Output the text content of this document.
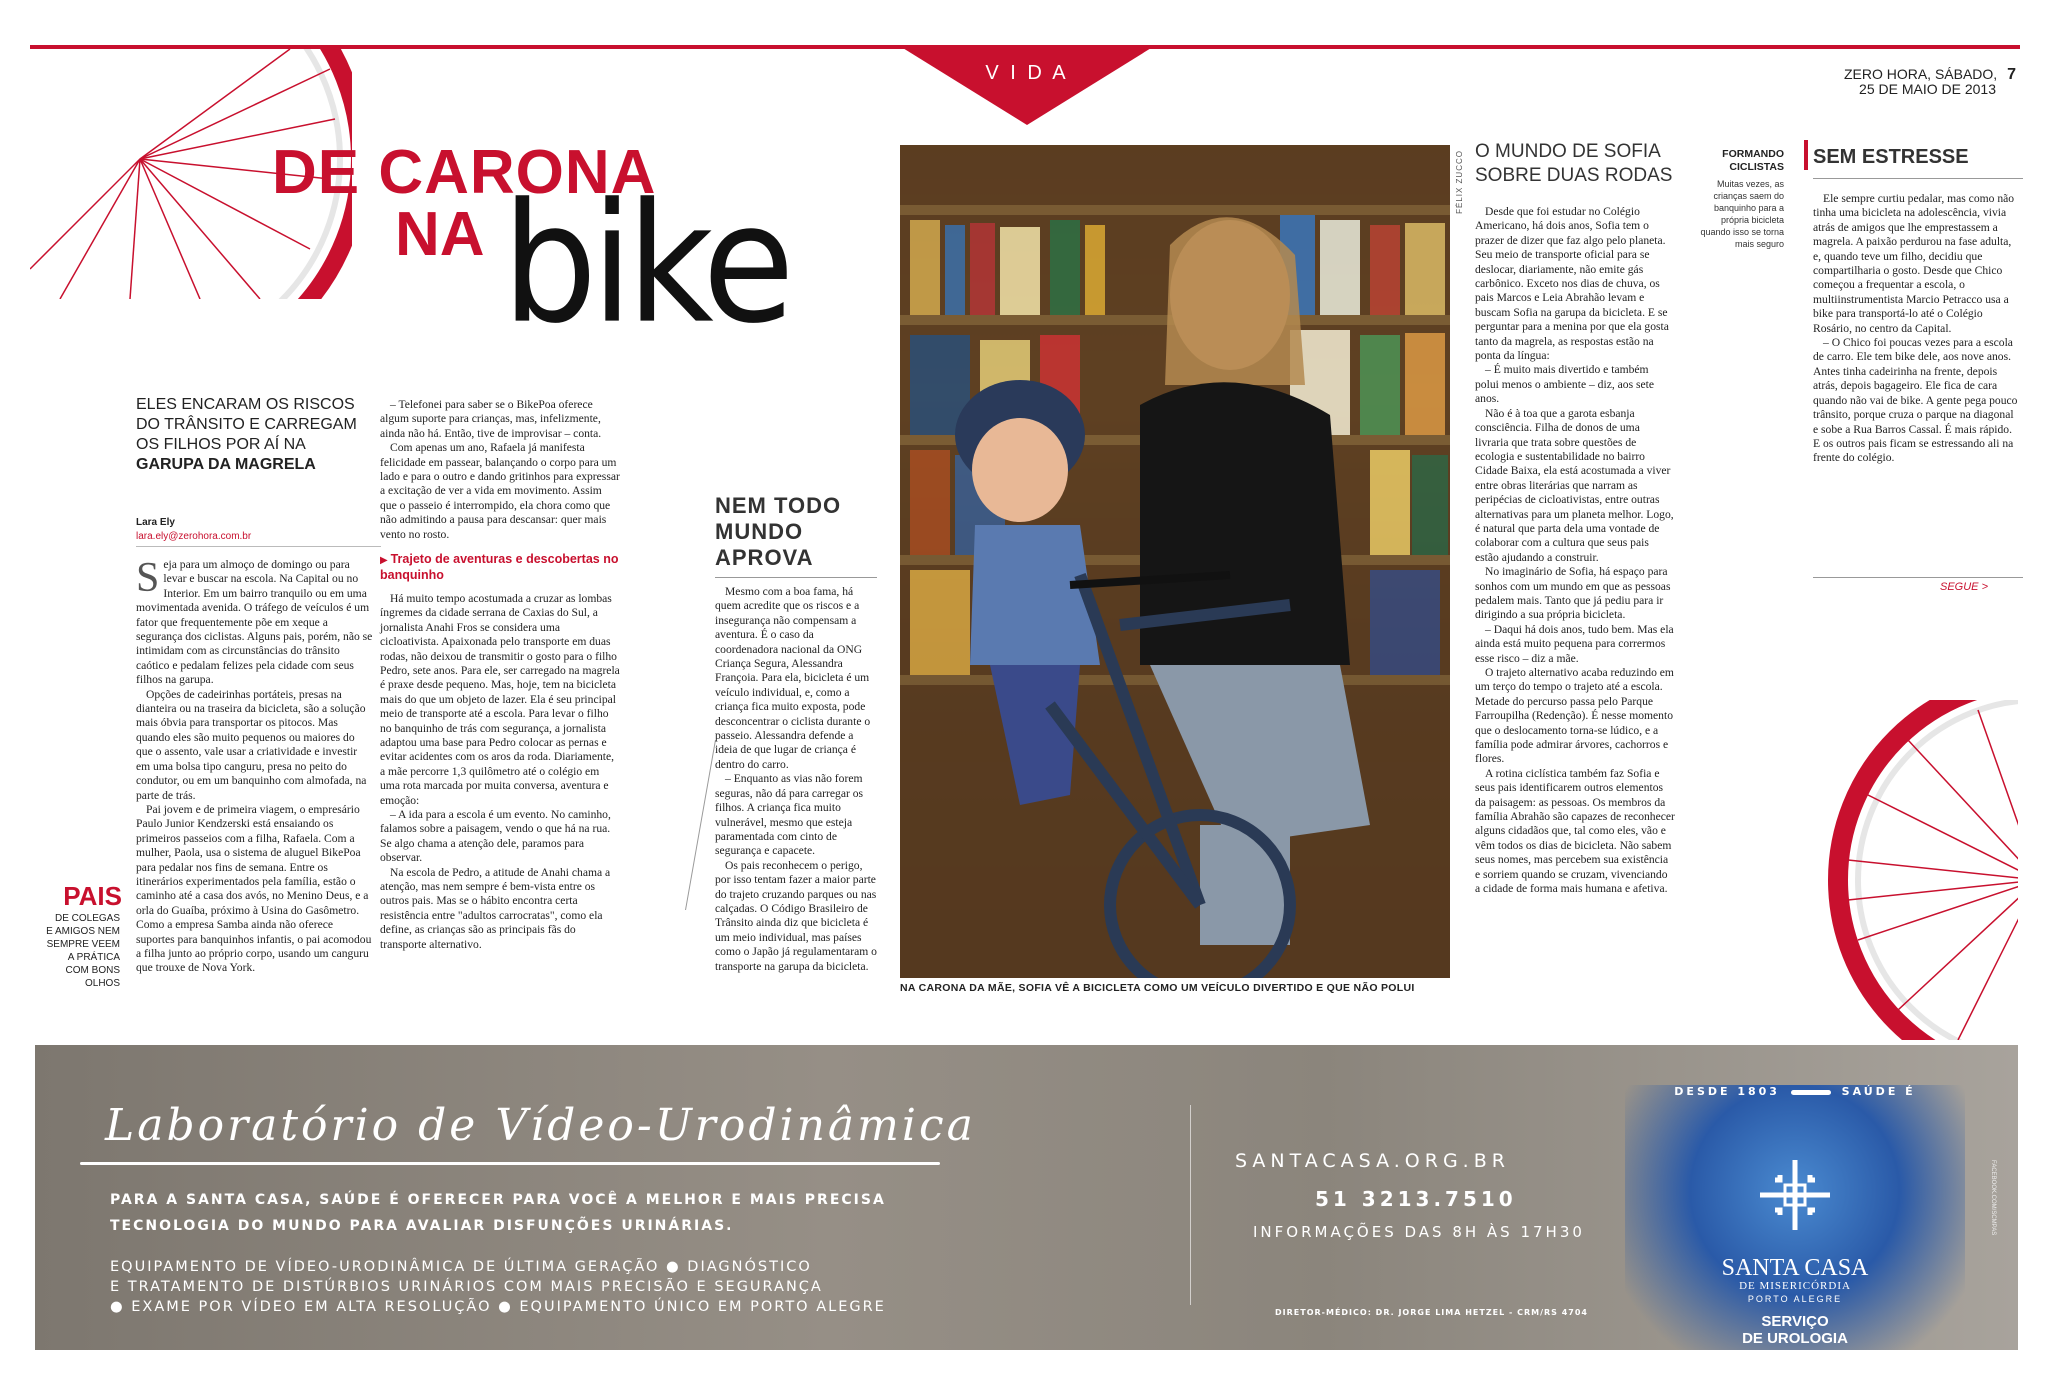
V I D A	ZERO HORA, SÁBADO, 7
25 DE MAIO DE 2013
DE CARONA
NA bike
ELES ENCARAM OS RISCOS DO TRÂNSITO E CARREGAM OS FILHOS POR AÍ NA GARUPA DA MAGRELA
Lara Ely
lara.ely@zerohora.com.br

Seja para um almoço de domingo ou para levar e buscar na escola. Na Capital ou no Interior. Em um bairro tranquilo ou em uma movimentada avenida. O tráfego de veículos é um fator que frequentemente põe em xeque a segurança dos ciclistas. Alguns pais, porém, não se intimidam com as circunstâncias do trânsito caótico e pedalam felizes pela cidade com seus filhos na garupa.

Opções de cadeirinhas portáteis, presas na dianteira ou na traseira da bicicleta, são a solução mais óbvia para transportar os pitocos. Mas quando eles são muito pequenos ou maiores do que o assento, vale usar a criatividade e investir em uma bolsa tipo canguru, presa no peito do condutor, ou em um banquinho com almofada, na parte de trás.

Pai jovem e de primeira viagem, o empresário Paulo Junior Kendzerski está ensaiando os primeiros passeios com a filha, Rafaela. Com a mulher, Paola, usa o sistema de aluguel BikePoa para pedalar nos fins de semana. Entre os itinerários experimentados pela família, estão o caminho até a casa dos avós, no Menino Deus, e a orla do Guaíba, próximo à Usina do Gasômetro. Como a empresa Samba ainda não oferece suportes para banquinhos infantis, o pai acomodou a filha junto ao próprio corpo, usando um canguru que trouxe de Nova York.

PAIS
DE COLEGAS E AMIGOS NEM SEMPRE VEEM A PRÁTICA COM BONS OLHOS

– Telefonei para saber se o BikePoa oferece algum suporte para crianças, mas, infelizmente, ainda não há. Então, tive de improvisar – conta.

Com apenas um ano, Rafaela já manifesta felicidade em passear, balançando o corpo para um lado e para o outro e dando gritinhos para expressar a excitação de ver a vida em movimento. Assim que o passeio é interrompido, ela chora como que não admitindo a pausa para descansar: quer mais vento no rosto.

▶ Trajeto de aventuras e descobertas no banquinho

Há muito tempo acostumada a cruzar as lombas íngremes da cidade serrana de Caxias do Sul, a jornalista Anahi Fros se considera uma cicloativista. Apaixonada pelo transporte em duas rodas, não deixou de transmitir o gosto para o filho Pedro, sete anos. Para ele, ser carregado na magrela é praxe desde pequeno. Mas, hoje, tem na bicicleta mais do que um objeto de lazer. Ela é seu principal meio de transporte até a escola. Para levar o filho no banquinho de trás com segurança, a jornalista adaptou uma base para Pedro colocar as pernas e evitar acidentes com os aros da roda. Diariamente, a mãe percorre 1,3 quilômetro até o colégio em uma rota marcada por muita conversa, aventura e emoção:

– A ida para a escola é um evento. No caminho, falamos sobre a paisagem, vendo o que há na rua. Se algo chama a atenção dele, paramos para observar.

Na escola de Pedro, a atitude de Anahi chama a atenção, mas nem sempre é bem-vista entre os outros pais. Mas se o hábito encontra certa resistência entre "adultos carrocratas", como ela define, as crianças são as principais fãs do transporte alternativo.

NEM TODO MUNDO APROVA

Mesmo com a boa fama, há quem acredite que os riscos e a insegurança não compensam a aventura. É o caso da coordenadora nacional da ONG Criança Segura, Alessandra Françoia. Para ela, bicicleta é um veículo individual, e, como a criança fica muito exposta, pode desconcentrar o ciclista durante o passeio. Alessandra defende a ideia de que lugar de criança é dentro do carro.

– Enquanto as vias não forem seguras, não dá para carregar os filhos. A criança fica muito vulnerável, mesmo que esteja paramentada com cinto de segurança e capacete.

Os pais reconhecem o perigo, por isso tentam fazer a maior parte do trajeto cruzando parques ou nas calçadas. O Código Brasileiro de Trânsito ainda diz que bicicleta é um meio individual, mas países como o Japão já regulamentaram o transporte na garupa da bicicleta.

FÉLIX ZUCCO
NA CARONA DA MÃE, SOFIA VÊ A BICICLETA COMO UM VEÍCULO DIVERTIDO E QUE NÃO POLUI
O MUNDO DE SOFIA SOBRE DUAS RODAS

Desde que foi estudar no Colégio Americano, há dois anos, Sofia tem o prazer de dizer que faz algo pelo planeta. Seu meio de transporte oficial para se deslocar, diariamente, não emite gás carbônico. Exceto nos dias de chuva, os pais Marcos e Leia Abrahão levam e buscam Sofia na garupa da bicicleta. E se perguntar para a menina por que ela gosta tanto da magrela, as respostas estão na ponta da língua:

– É muito mais divertido e também polui menos o ambiente – diz, aos sete anos.

Não é à toa que a garota esbanja consciência. Filha de donos de uma livraria que trata sobre questões de ecologia e sustentabilidade no bairro Cidade Baixa, ela está acostumada a viver entre obras literárias que narram as peripécias de cicloativistas, entre outras alternativas para um planeta melhor. Logo, é natural que parta dela uma vontade de colaborar com a cultura que seus pais estão ajudando a construir.

No imaginário de Sofia, há espaço para sonhos com um mundo em que as pessoas pedalem mais. Tanto que já pediu para ir dirigindo a sua própria bicicleta.

– Daqui há dois anos, tudo bem. Mas ela ainda está muito pequena para corrermos esse risco – diz a mãe.

O trajeto alternativo acaba reduzindo em um terço do tempo o trajeto até a escola. Metade do percurso passa pelo Parque Farroupilha (Redenção). É nesse momento que o deslocamento torna-se lúdico, e a família pode admirar árvores, cachorros e flores.

A rotina ciclística também faz Sofia e seus pais identificarem outros elementos da paisagem: as pessoas. Os membros da família Abrahão são capazes de reconhecer alguns cidadãos que, tal como eles, vão e vêm todos os dias de bicicleta. Não sabem seus nomes, mas percebem sua existência e sorriem quando se cruzam, vivenciando a cidade de forma mais humana e afetiva.

FORMANDO CICLISTAS
Muitas vezes, as crianças saem do banquinho para a própria bicicleta quando isso se torna mais seguro
SEM ESTRESSE

Ele sempre curtiu pedalar, mas como não tinha uma bicicleta na adolescência, vivia atrás de amigos que lhe emprestassem a magrela. A paixão perdurou na fase adulta, e, quando teve um filho, decidiu que compartilharia o gosto. Desde que Chico começou a frequentar a escola, o multiinstrumentista Marcio Petracco usa a bike para transportá-lo até o Colégio Rosário, no centro da Capital.

– O Chico foi poucas vezes para a escola de carro. Ele tem bike dele, aos nove anos. Antes tinha cadeirinha na frente, depois atrás, depois bagageiro. Ele fica de cara quando não vai de bike. A gente pega pouco trânsito, porque cruza o parque na diagonal e sobe a Rua Barros Cassal. É mais rápido. E os outros pais ficam se estressando ali na frente do colégio.

SEGUE >
Laboratório de Vídeo-Urodinâmica
PARA A SANTA CASA, SAÚDE É OFERECER PARA VOCÊ A MELHOR E MAIS PRECISA TECNOLOGIA DO MUNDO PARA AVALIAR DISFUNÇÕES URINÁRIAS.
EQUIPAMENTO DE VÍDEO-URODINÂMICA DE ÚLTIMA GERAÇÃO ● DIAGNÓSTICO
E TRATAMENTO DE DISTÚRBIOS URINÁRIOS COM MAIS PRECISÃO E SEGURANÇA
● EXAME POR VÍDEO EM ALTA RESOLUÇÃO ● EQUIPAMENTO ÚNICO EM PORTO ALEGRE
SANTACASA.ORG.BR
51 3213.7510
INFORMAÇÕES DAS 8H ÀS 17H30
DIRETOR-MÉDICO: DR. JORGE LIMA HETZEL - CRM/RS 4704
DESDE 1803	SAÚDE É
SANTA CASA
DE MISERICÓRDIA
PORTO ALEGRE
SERVIÇO
DE UROLOGIA
FACEBOOK.COM/SCMPAS
